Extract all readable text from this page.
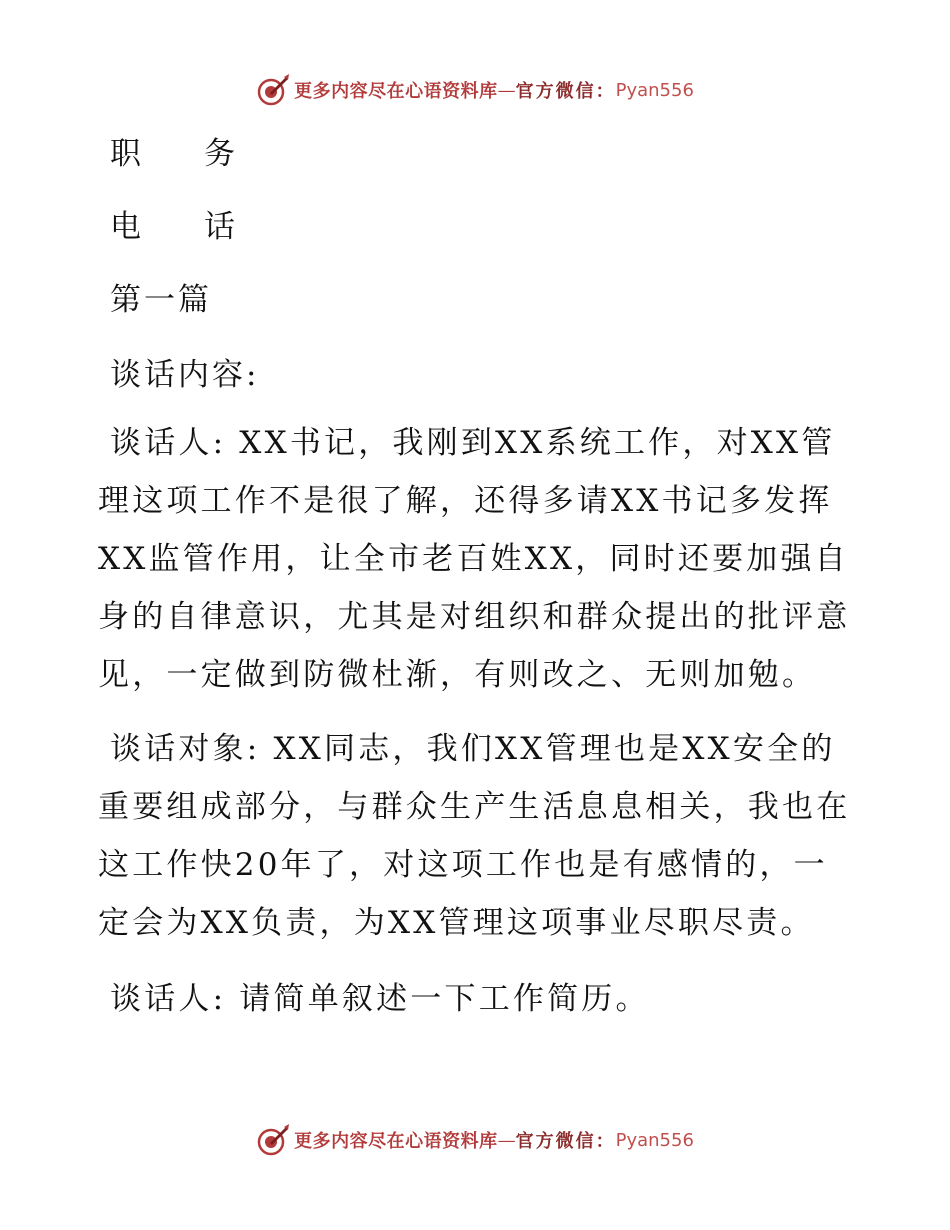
更多内容尽在心语资料库 — 官方微信： Pyan556
职 务
电 话
第一篇
谈话内容:
谈话人: XX书记，我刚到XX系统工作，对XX管理这项工作不是很了解，还得多请XX书记多发挥XX监管作用，让全市老百姓XX，同时还要加强自身的自律意识，尤其是对组织和群众提出的批评意见，一定做到防微杜渐，有则改之、无则加勉。
谈话对象: XX同志，我们XX管理也是XX安全的重要组成部分，与群众生产生活息息相关，我也在这工作快20年了，对这项工作也是有感情的，一定会为XX负责，为XX管理这项事业尽职尽责。
谈话人: 请简单叙述一下工作简历。
更多内容尽在心语资料库 — 官方微信： Pyan556
